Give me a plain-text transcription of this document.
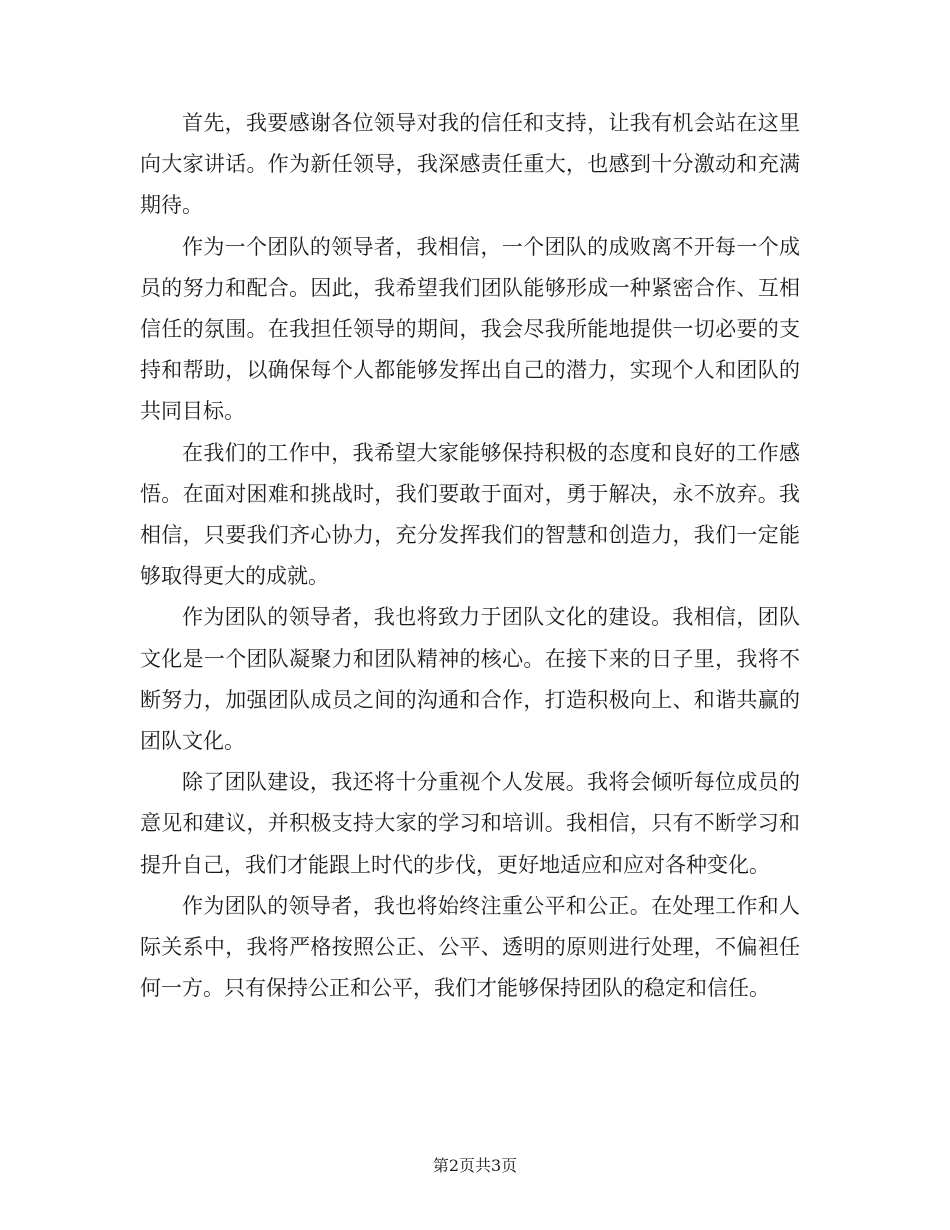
首先，我要感谢各位领导对我的信任和支持，让我有机会站在这里向大家讲话。作为新任领导，我深感责任重大，也感到十分激动和充满期待。

作为一个团队的领导者，我相信，一个团队的成败离不开每一个成员的努力和配合。因此，我希望我们团队能够形成一种紧密合作、互相信任的氛围。在我担任领导的期间，我会尽我所能地提供一切必要的支持和帮助，以确保每个人都能够发挥出自己的潜力，实现个人和团队的共同目标。

在我们的工作中，我希望大家能够保持积极的态度和良好的工作感悟。在面对困难和挑战时，我们要敢于面对，勇于解决，永不放弃。我相信，只要我们齐心协力，充分发挥我们的智慧和创造力，我们一定能够取得更大的成就。

作为团队的领导者，我也将致力于团队文化的建设。我相信，团队文化是一个团队凝聚力和团队精神的核心。在接下来的日子里，我将不断努力，加强团队成员之间的沟通和合作，打造积极向上、和谐共赢的团队文化。

除了团队建设，我还将十分重视个人发展。我将会倾听每位成员的意见和建议，并积极支持大家的学习和培训。我相信，只有不断学习和提升自己，我们才能跟上时代的步伐，更好地适应和应对各种变化。

作为团队的领导者，我也将始终注重公平和公正。在处理工作和人际关系中，我将严格按照公正、公平、透明的原则进行处理，不偏袒任何一方。只有保持公正和公平，我们才能够保持团队的稳定和信任。

第2页共3页
